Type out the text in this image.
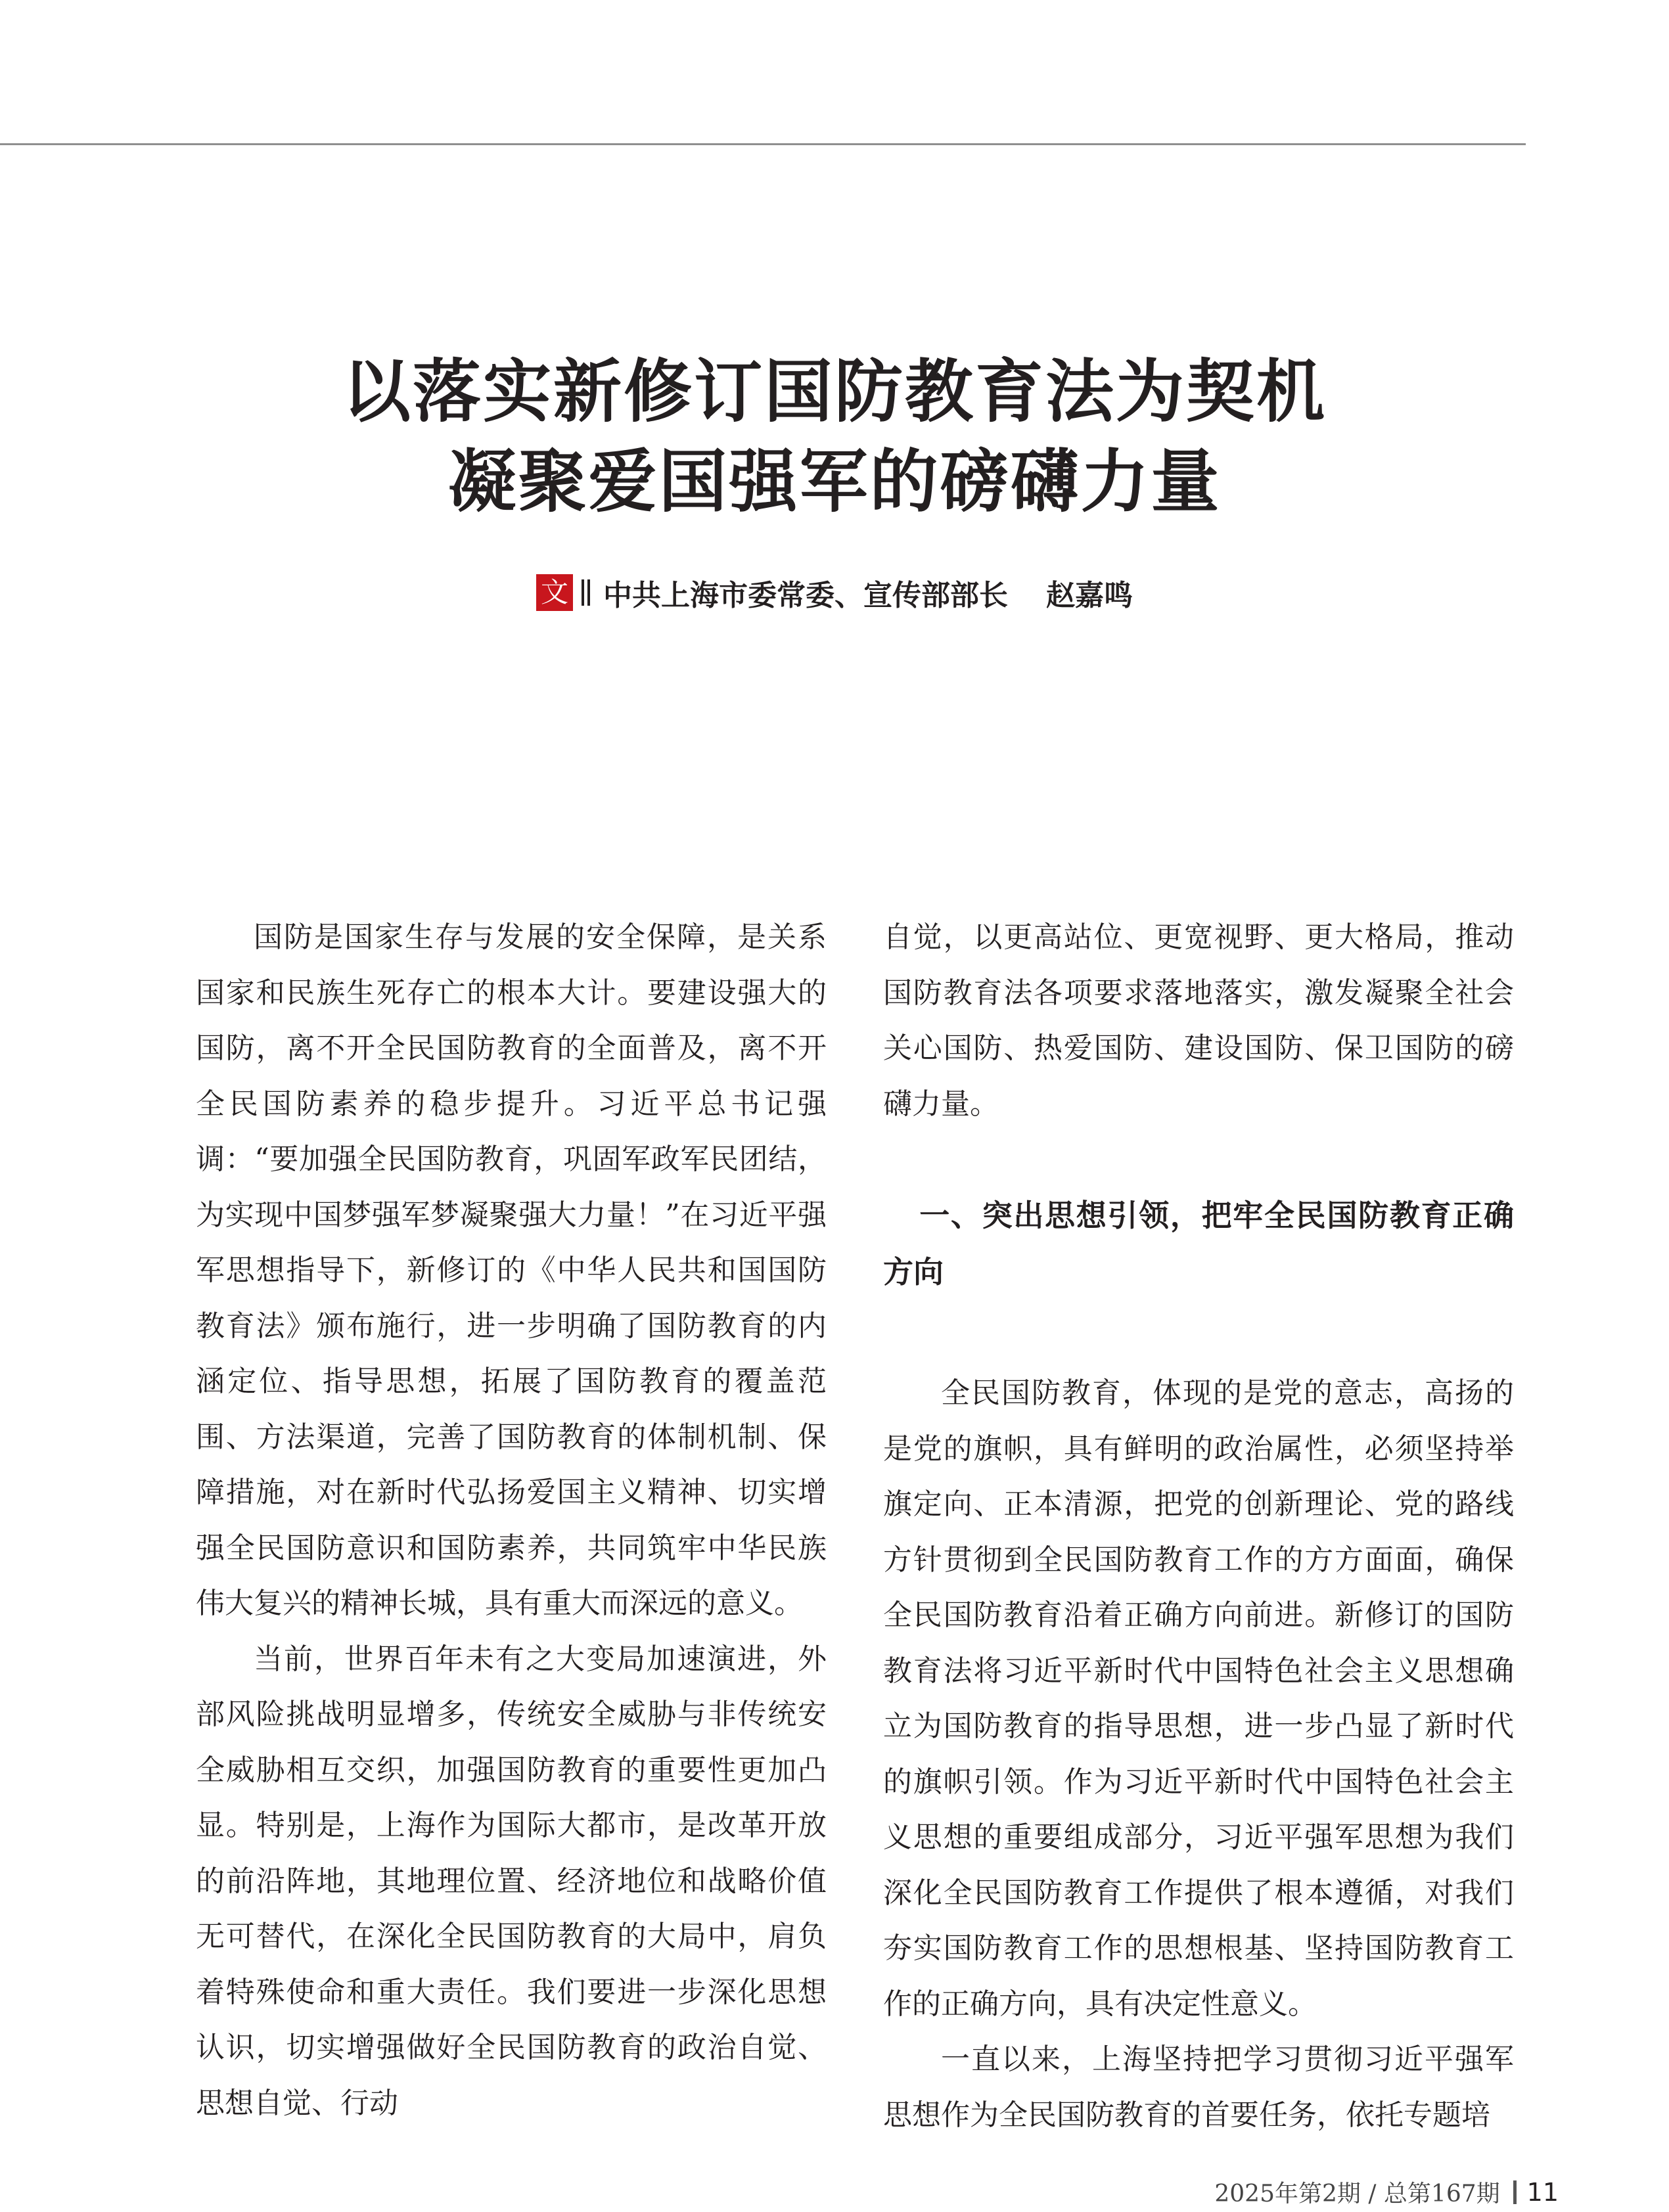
以落实新修订国防教育法为契机
凝聚爱国强军的磅礴力量
文 中共上海市委常委、宣传部部长 赵嘉鸣

国防是国家生存与发展的安全保障，是关系国家和民族生死存亡的根本大计。要建设强大的国防，离不开全民国防教育的全面普及，离不开全民国防素养的稳步提升。习近平总书记强调：“要加强全民国防教育，巩固军政军民团结，为实现中国梦强军梦凝聚强大力量！”在习近平强军思想指导下，新修订的《中华人民共和国国防教育法》颁布施行，进一步明确了国防教育的内涵定位、指导思想，拓展了国防教育的覆盖范围、方法渠道，完善了国防教育的体制机制、保障措施，对在新时代弘扬爱国主义精神、切实增强全民国防意识和国防素养，共同筑牢中华民族伟大复兴的精神长城，具有重大而深远的意义。

当前，世界百年未有之大变局加速演进，外部风险挑战明显增多，传统安全威胁与非传统安全威胁相互交织，加强国防教育的重要性更加凸显。特别是，上海作为国际大都市，是改革开放的前沿阵地，其地理位置、经济地位和战略价值无可替代，在深化全民国防教育的大局中，肩负着特殊使命和重大责任。我们要进一步深化思想认识，切实增强做好全民国防教育的政治自觉、思想自觉、行动

自觉，以更高站位、更宽视野、更大格局，推动国防教育法各项要求落地落实，激发凝聚全社会关心国防、热爱国防、建设国防、保卫国防的磅礴力量。

一、突出思想引领，把牢全民国防教育正确方向

全民国防教育，体现的是党的意志，高扬的是党的旗帜，具有鲜明的政治属性，必须坚持举旗定向、正本清源，把党的创新理论、党的路线方针贯彻到全民国防教育工作的方方面面，确保全民国防教育沿着正确方向前进。新修订的国防教育法将习近平新时代中国特色社会主义思想确立为国防教育的指导思想，进一步凸显了新时代的旗帜引领。作为习近平新时代中国特色社会主义思想的重要组成部分，习近平强军思想为我们深化全民国防教育工作提供了根本遵循，对我们夯实国防教育工作的思想根基、坚持国防教育工作的正确方向，具有决定性意义。

一直以来，上海坚持把学习贯彻习近平强军思想作为全民国防教育的首要任务，依托专题培

2025年第2期 / 总第167期 11
